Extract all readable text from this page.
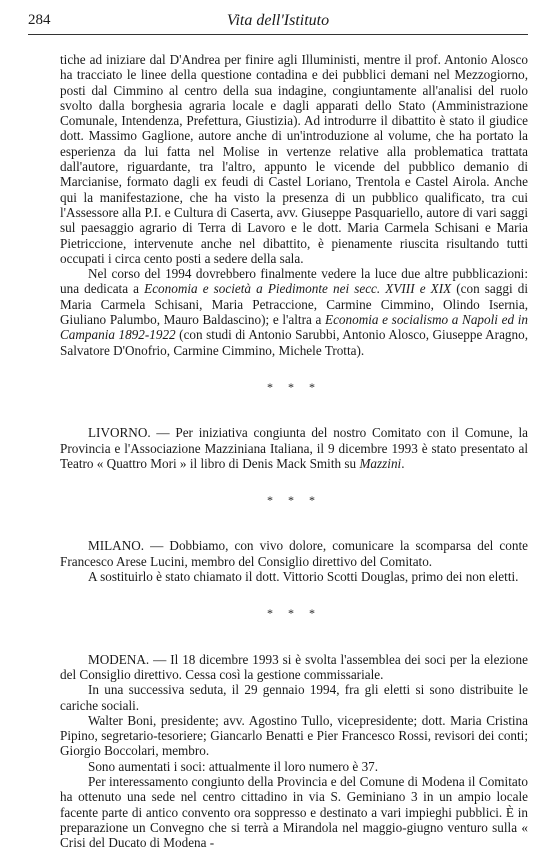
284	Vita dell'Istituto

tiche ad iniziare dal D'Andrea per finire agli Illuministi, mentre il prof. Antonio Alosco ha tracciato le linee della questione contadina e dei pubblici demani nel Mezzogiorno, posti dal Cimmino al centro della sua indagine, congiuntamente all'analisi del ruolo svolto dalla borghesia agraria locale e dagli apparati dello Stato (Amministrazione Comunale, Intendenza, Prefettura, Giustizia). Ad introdurre il dibattito è stato il giudice dott. Massimo Gaglione, autore anche di un'introduzione al volume, che ha portato la esperienza da lui fatta nel Molise in vertenze relative alla problematica trattata dall'autore, riguardante, tra l'altro, appunto le vicende del pubblico demanio di Marcianise, formato dagli ex feudi di Castel Loriano, Trentola e Castel Airola. Anche qui la manifestazione, che ha visto la presenza di un pubblico qualificato, tra cui l'Assessore alla P.I. e Cultura di Caserta, avv. Giuseppe Pasquariello, autore di vari saggi sul paesaggio agrario di Terra di Lavoro e le dott. Maria Carmela Schisani e Maria Pietriccione, intervenute anche nel dibattito, è pienamente riuscita risultando tutti occupati i circa cento posti a sedere della sala.

Nel corso del 1994 dovrebbero finalmente vedere la luce due altre pubblicazioni: una dedicata a Economia e società a Piedimonte nei secc. XVIII e XIX (con saggi di Maria Carmela Schisani, Maria Petraccione, Carmine Cimmino, Olindo Isernia, Giuliano Palumbo, Mauro Baldascino); e l'altra a Economia e socialismo a Napoli ed in Campania 1892-1922 (con studi di Antonio Sarubbi, Antonio Alosco, Giuseppe Aragno, Salvatore D'Onofrio, Carmine Cimmino, Michele Trotta).

* * *

LIVORNO. — Per iniziativa congiunta del nostro Comitato con il Comune, la Provincia e l'Associazione Mazziniana Italiana, il 9 dicembre 1993 è stato presentato al Teatro « Quattro Mori » il libro di Denis Mack Smith su Mazzini.

* * *

MILANO. — Dobbiamo, con vivo dolore, comunicare la scomparsa del conte Francesco Arese Lucini, membro del Consiglio direttivo del Comitato.

A sostituirlo è stato chiamato il dott. Vittorio Scotti Douglas, primo dei non eletti.

* * *

MODENA. — Il 18 dicembre 1993 si è svolta l'assemblea dei soci per la elezione del Consiglio direttivo. Cessa così la gestione commissariale.

In una successiva seduta, il 29 gennaio 1994, fra gli eletti si sono distribuite le cariche sociali.

Walter Boni, presidente; avv. Agostino Tullo, vicepresidente; dott. Maria Cristina Pipino, segretario-tesoriere; Giancarlo Benatti e Pier Francesco Rossi, revisori dei conti; Giorgio Boccolari, membro.

Sono aumentati i soci: attualmente il loro numero è 37.

Per interessamento congiunto della Provincia e del Comune di Modena il Comitato ha ottenuto una sede nel centro cittadino in via S. Geminiano 3 in un ampio locale facente parte di antico convento ora soppresso e destinato a vari impieghi pubblici. È in preparazione un Convegno che si terrà a Mirandola nel maggio-giugno venturo sulla « Crisi del Ducato di Modena -
